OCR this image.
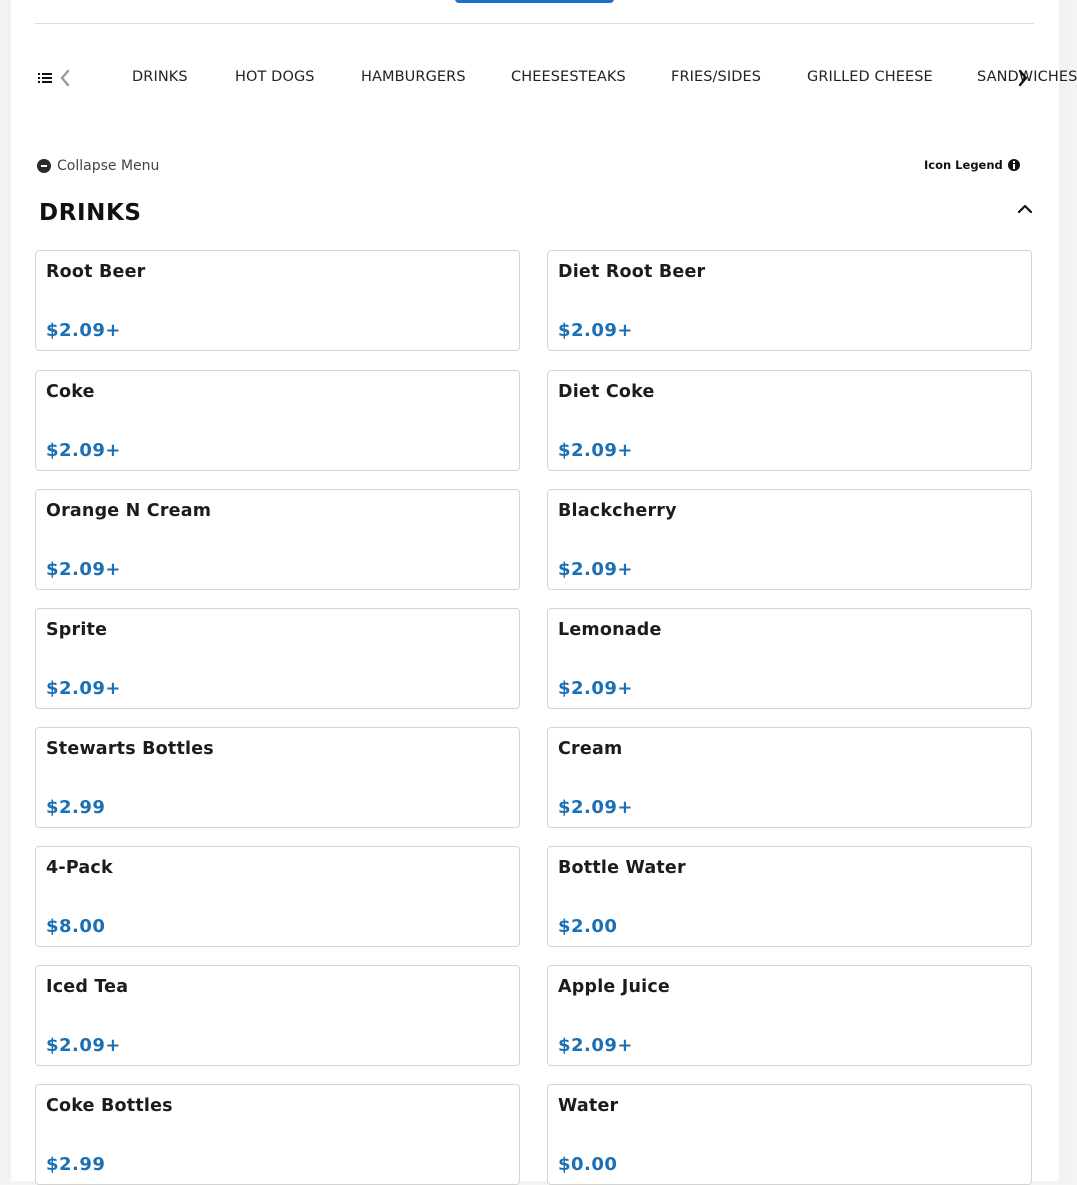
DRINKS	HOT DOGS	HAMBURGERS	CHEESESTEAKS	FRIES/SIDES	GRILLED CHEESE	SANDWICHES
Collapse Menu	Icon Legend
DRINKS
Root Beer
$2.09+
Diet Root Beer
$2.09+
Coke
$2.09+
Diet Coke
$2.09+
Orange N Cream
$2.09+
Blackcherry
$2.09+
Sprite
$2.09+
Lemonade
$2.09+
Stewarts Bottles
$2.99
Cream
$2.09+
4-Pack
$8.00
Bottle Water
$2.00
Iced Tea
$2.09+
Apple Juice
$2.09+
Coke Bottles
$2.99
Water
$0.00
